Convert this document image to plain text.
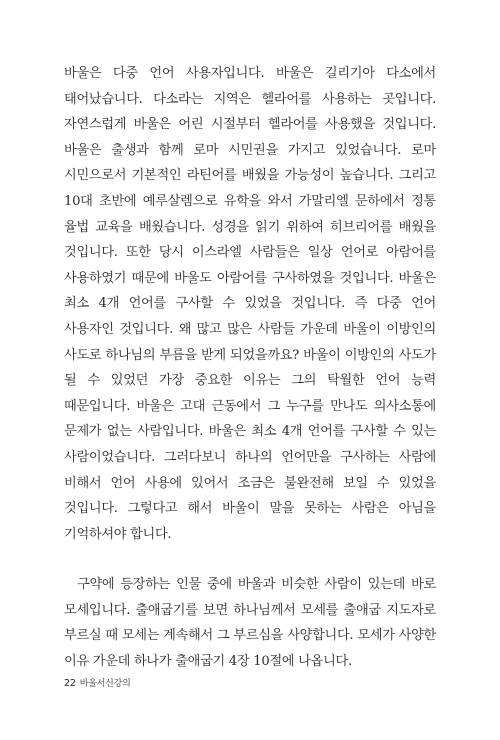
바울은 다중 언어 사용자입니다. 바울은 길리기아 다소에서 태어났습니다. 다소라는 지역은 헬라어를 사용하는 곳입니다. 자연스럽게 바울은 어린 시절부터 헬라어를 사용했을 것입니다. 바울은 출생과 함께 로마 시민권을 가지고 있었습니다. 로마 시민으로서 기본적인 라틴어를 배웠을 가능성이 높습니다. 그리고 10대 초반에 예루살렘으로 유학을 와서 가말리엘 문하에서 정통 율법 교육을 배웠습니다. 성경을 읽기 위하여 히브리어를 배웠을 것입니다. 또한 당시 이스라엘 사람들은 일상 언어로 아람어를 사용하였기 때문에 바울도 아람어를 구사하였을 것입니다. 바울은 최소 4개 언어를 구사할 수 있었을 것입니다. 즉 다중 언어 사용자인 것입니다. 왜 많고 많은 사람들 가운데 바울이 이방인의 사도로 하나님의 부름을 받게 되었을까요? 바울이 이방인의 사도가 될 수 있었던 가장 중요한 이유는 그의 탁월한 언어 능력 때문입니다. 바울은 고대 근동에서 그 누구를 만나도 의사소통에 문제가 없는 사람입니다. 바울은 최소 4개 언어를 구사할 수 있는 사람이었습니다. 그러다보니 하나의 언어만을 구사하는 사람에 비해서 언어 사용에 있어서 조금은 불완전해 보일 수 있었을 것입니다. 그렇다고 해서 바울이 말을 못하는 사람은 아님을 기억하셔야 합니다.

구약에 등장하는 인물 중에 바울과 비슷한 사람이 있는데 바로 모세입니다. 출애굽기를 보면 하나님께서 모세를 출애굽 지도자로 부르실 때 모세는 계속해서 그 부르심을 사양합니다. 모세가 사양한 이유 가운데 하나가 출애굽기 4장 10절에 나옵니다.

22 바울서신강의
